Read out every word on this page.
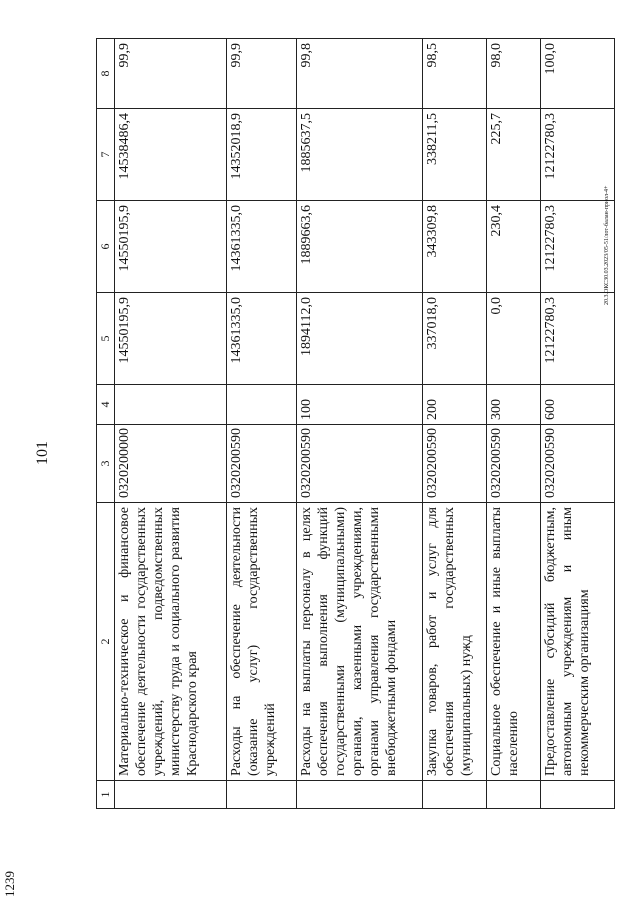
1239
101
1	2	3	4	5	6	7	8
	Материально-техническое и финансовое обеспечение деятельности государственных учреждений, подведомственных министерству труда и социального развития Краснодарского края	0320200000		14550195,9	14550195,9	14538486,4	99,9
	Расходы на обеспечение деятельности (оказание услуг) государственных учреждений	0320200590		14361335,0	14361335,0	14352018,9	99,9
	Расходы на выплаты персоналу в целях обеспечения выполнения функций государственными (муниципальными) органами, казенными учреждениями, органами управления государственными внебюджетными фондами	0320200590	100	1894112,0	1889663,6	1885637,5	99,8
	Закупка товаров, работ и услуг для обеспечения государственных (муниципальных) нужд	0320200590	200	337018,0	343309,8	338211,5	98,5
	Социальное обеспечение и иные выплаты населению	0320200590	300	0,0	230,4	225,7	98,0
	Предоставление субсидий бюджетным, автономным учреждениям и иным некоммерческим организациям	0320200590	600	12122780,3	12122780,3	12122780,3	100,0
20.3.ОКС30.03.2023/05-51/лот-балан-приол-4+
